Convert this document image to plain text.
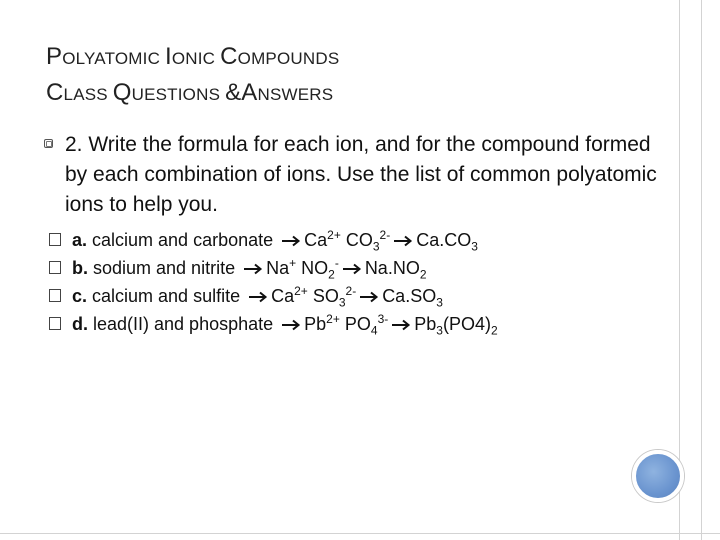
POLYATOMIC IONIC COMPOUNDS
CLASS QUESTIONS &ANSWERS
2. Write the formula for each ion, and for the compound formed by each combination of ions. Use the list of common polyatomic ions to help you.
a. calcium and carbonate $Ca^{2+}$ $CO_3^{2-}$ $Ca.CO_3$
b. sodium and nitrite Na+ $NO_2^-$ $Na.NO_2$
c. calcium and sulfite $Ca^{2+}$ $SO_3^{2-}$ $Ca.SO_3$
d. lead(II) and phosphate $Pb^{2+}$ $PO_4^{3-}$ $Pb_3(PO4)_2$
